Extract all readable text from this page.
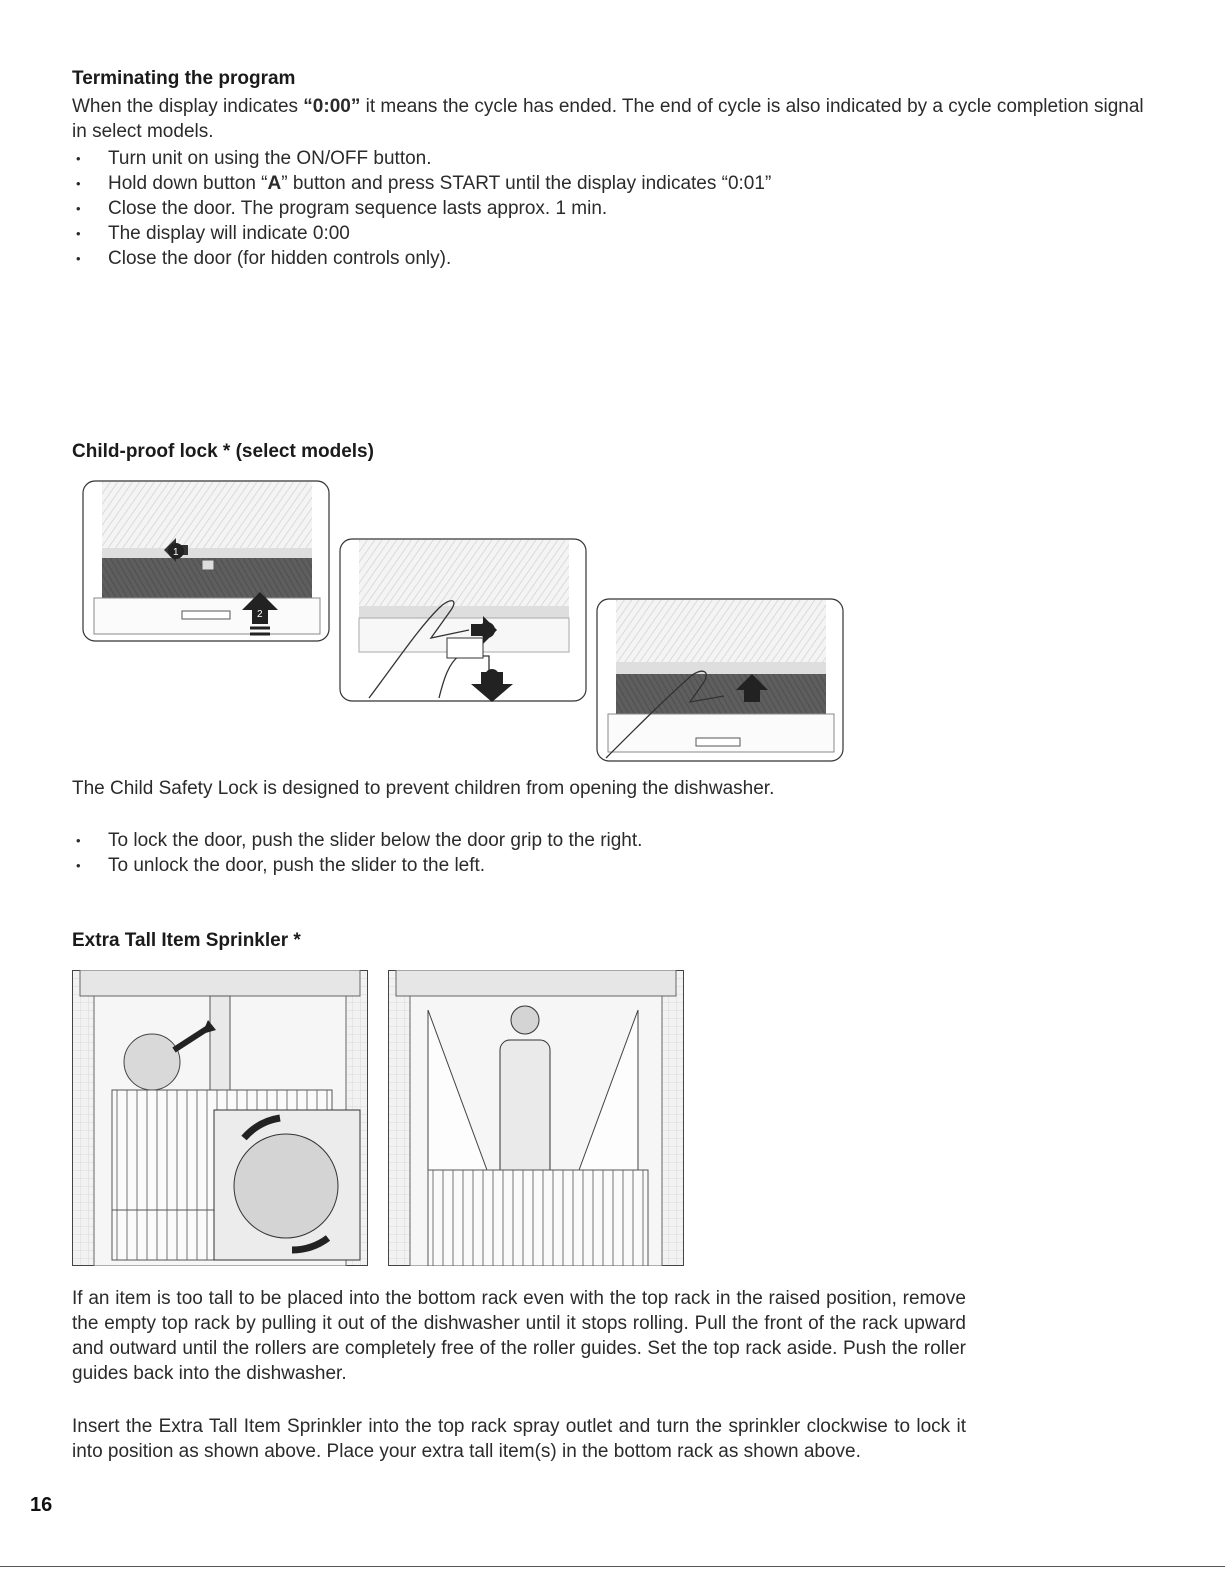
Terminating the program

When the display indicates “0:00” it means the cycle has ended. The end of cycle is also indicated by a cycle completion signal in select models.

• Turn unit on using the ON/OFF button.
• Hold down button “A” button and press START until the display indicates “0:01”
• Close the door. The program sequence lasts approx. 1 min.
• The display will indicate 0:00
• Close the door (for hidden controls only).
Child-proof lock * (select models)
1
2

The Child Safety Lock is designed to prevent children from opening the dishwasher.

• To lock the door, push the slider below the door grip to the right.
• To unlock the door, push the slider to the left.
Extra Tall Item Sprinkler *

If an item is too tall to be placed into the bottom rack even with the top rack in the raised position, remove the empty top rack by pulling it out of the dishwasher until it stops rolling. Pull the front of the rack upward and outward until the rollers are completely free of the roller guides. Set the top rack aside. Push the roller guides back into the dishwasher.

Insert the Extra Tall Item Sprinkler into the top rack spray outlet and turn the sprinkler clockwise to lock it into position as shown above. Place your extra tall item(s) in the bottom rack as shown above.

16
